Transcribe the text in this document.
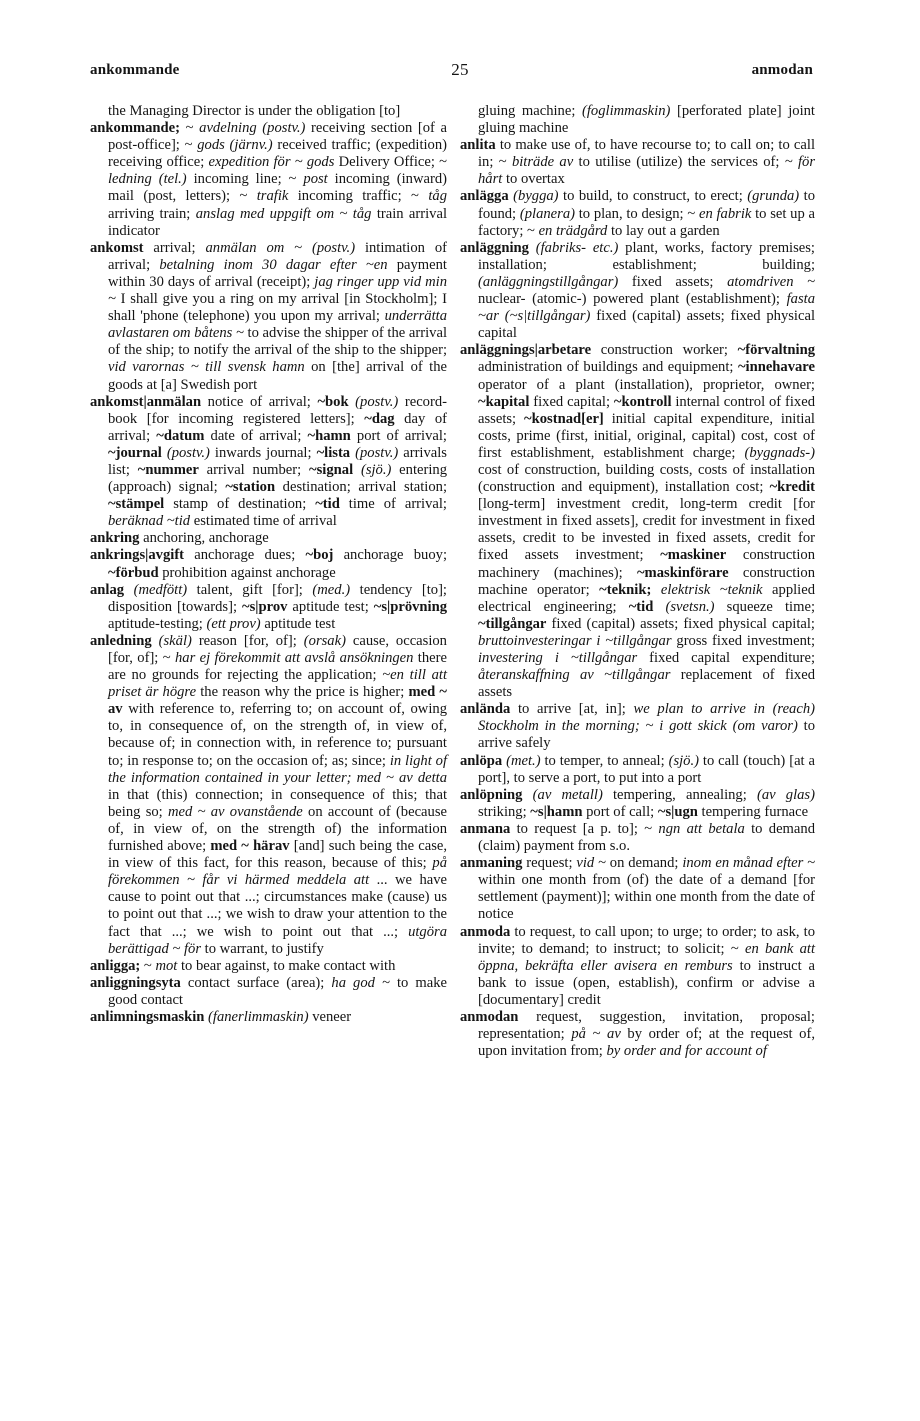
ankommande	25	anmodan

the Managing Director is under the obligation [to]

ankommande; ~ avdelning (postv.) receiving section [of a post-office]; ~ gods (järnv.) received traffic; (expedition) receiving office; expedition för ~ gods Delivery Office; ~ ledning (tel.) incoming line; ~ post incoming (inward) mail (post, letters); ~ trafik incoming traffic; ~ tåg arriving train; anslag med uppgift om ~ tåg train arrival indicator

ankomst arrival; anmälan om ~ (postv.) intimation of arrival; betalning inom 30 dagar efter ~en payment within 30 days of arrival (receipt); jag ringer upp vid min ~ I shall give you a ring on my arrival [in Stockholm]; I shall 'phone (telephone) you upon my arrival; underrätta avlastaren om båtens ~ to advise the shipper of the arrival of the ship; to notify the arrival of the ship to the shipper; vid varornas ~ till svensk hamn on [the] arrival of the goods at [a] Swedish port

ankomst|anmälan notice of arrival; ~bok (postv.) record-book [for incoming registered letters]; ~dag day of arrival; ~datum date of arrival; ~hamn port of arrival; ~journal (postv.) inwards journal; ~lista (postv.) arrivals list; ~nummer arrival number; ~signal (sjö.) entering (approach) signal; ~station destination; arrival station; ~stämpel stamp of destination; ~tid time of arrival; beräknad ~tid estimated time of arrival

ankring anchoring, anchorage

ankrings|avgift anchorage dues; ~boj anchorage buoy; ~förbud prohibition against anchorage

anlag (medfött) talent, gift [for]; (med.) tendency [to]; disposition [towards]; ~s|prov aptitude test; ~s|prövning aptitude-testing; (ett prov) aptitude test

anledning (skäl) reason [for, of]; (orsak) cause, occasion [for, of]; ~ har ej förekommit att avslå ansökningen there are no grounds for rejecting the application; ~en till att priset är högre the reason why the price is higher; med ~ av with reference to, referring to; on account of, owing to, in consequence of, on the strength of, in view of, because of; in connection with, in reference to; pursuant to; in response to; on the occasion of; as; since; in light of the information contained in your letter; med ~ av detta in that (this) connection; in consequence of this; that being so; med ~ av ovanstående on account of (because of, in view of, on the strength of) the information furnished above; med ~ härav [and] such being the case, in view of this fact, for this reason, because of this; på förekommen ~ får vi härmed meddela att ... we have cause to point out that ...; circumstances make (cause) us to point out that ...; we wish to draw your attention to the fact that ...; we wish to point out that ...; utgöra berättigad ~ för to warrant, to justify

anligga; ~ mot to bear against, to make contact with

anliggningsyta contact surface (area); ha god ~ to make good contact

anlimningsmaskin (fanerlimmaskin) veneer

gluing machine; (foglimmaskin) [perforated plate] joint gluing machine

anlita to make use of, to have recourse to; to call on; to call in; ~ biträde av to utilise (utilize) the services of; ~ för hårt to overtax

anlägga (bygga) to build, to construct, to erect; (grunda) to found; (planera) to plan, to design; ~ en fabrik to set up a factory; ~ en trädgård to lay out a garden

anläggning (fabriks- etc.) plant, works, factory premises; installation; establishment; building; (anläggningstillgångar) fixed assets; atomdriven ~ nuclear- (atomic-) powered plant (establishment); fasta ~ar (~s|tillgångar) fixed (capital) assets; fixed physical capital

anläggnings|arbetare construction worker; ~förvaltning administration of buildings and equipment; ~innehavare operator of a plant (installation), proprietor, owner; ~kapital fixed capital; ~kontroll internal control of fixed assets; ~kostnad[er] initial capital expenditure, initial costs, prime (first, initial, original, capital) cost, cost of first establishment, establishment charge; (byggnads-) cost of construction, building costs, costs of installation (construction and equipment), installation cost; ~kredit [long-term] investment credit, long-term credit [for investment in fixed assets], credit for investment in fixed assets, credit to be invested in fixed assets, credit for fixed assets investment; ~maskiner construction machinery (machines); ~maskinförare construction machine operator; ~teknik; elektrisk ~teknik applied electrical engineering; ~tid (svetsn.) squeeze time; ~tillgångar fixed (capital) assets; fixed physical capital; bruttoinvesteringar i ~tillgångar gross fixed investment; investering i ~tillgångar fixed capital expenditure; återanskaffning av ~tillgångar replacement of fixed assets

anlända to arrive [at, in]; we plan to arrive in (reach) Stockholm in the morning; ~ i gott skick (om varor) to arrive safely

anlöpa (met.) to temper, to anneal; (sjö.) to call (touch) [at a port], to serve a port, to put into a port

anlöpning (av metall) tempering, annealing; (av glas) striking; ~s|hamn port of call; ~s|ugn tempering furnace

anmana to request [a p. to]; ~ ngn att betala to demand (claim) payment from s.o.

anmaning request; vid ~ on demand; inom en månad efter ~ within one month from (of) the date of a demand [for settlement (payment)]; within one month from the date of notice

anmoda to request, to call upon; to urge; to order; to ask, to invite; to demand; to instruct; to solicit; ~ en bank att öppna, bekräfta eller avisera en remburs to instruct a bank to issue (open, establish), confirm or advise a [documentary] credit

anmodan request, suggestion, invitation, proposal; representation; på ~ av by order of; at the request of, upon invitation from; by order and for account of
